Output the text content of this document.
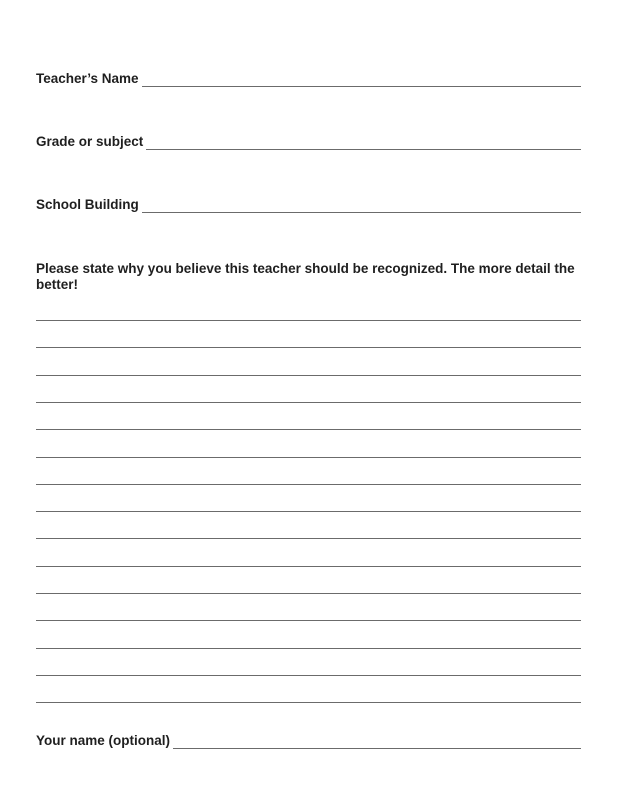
Teacher’s Name
Grade or subject
School Building
Please state why you believe this teacher should be recognized. The more detail the better!
Your name (optional)
